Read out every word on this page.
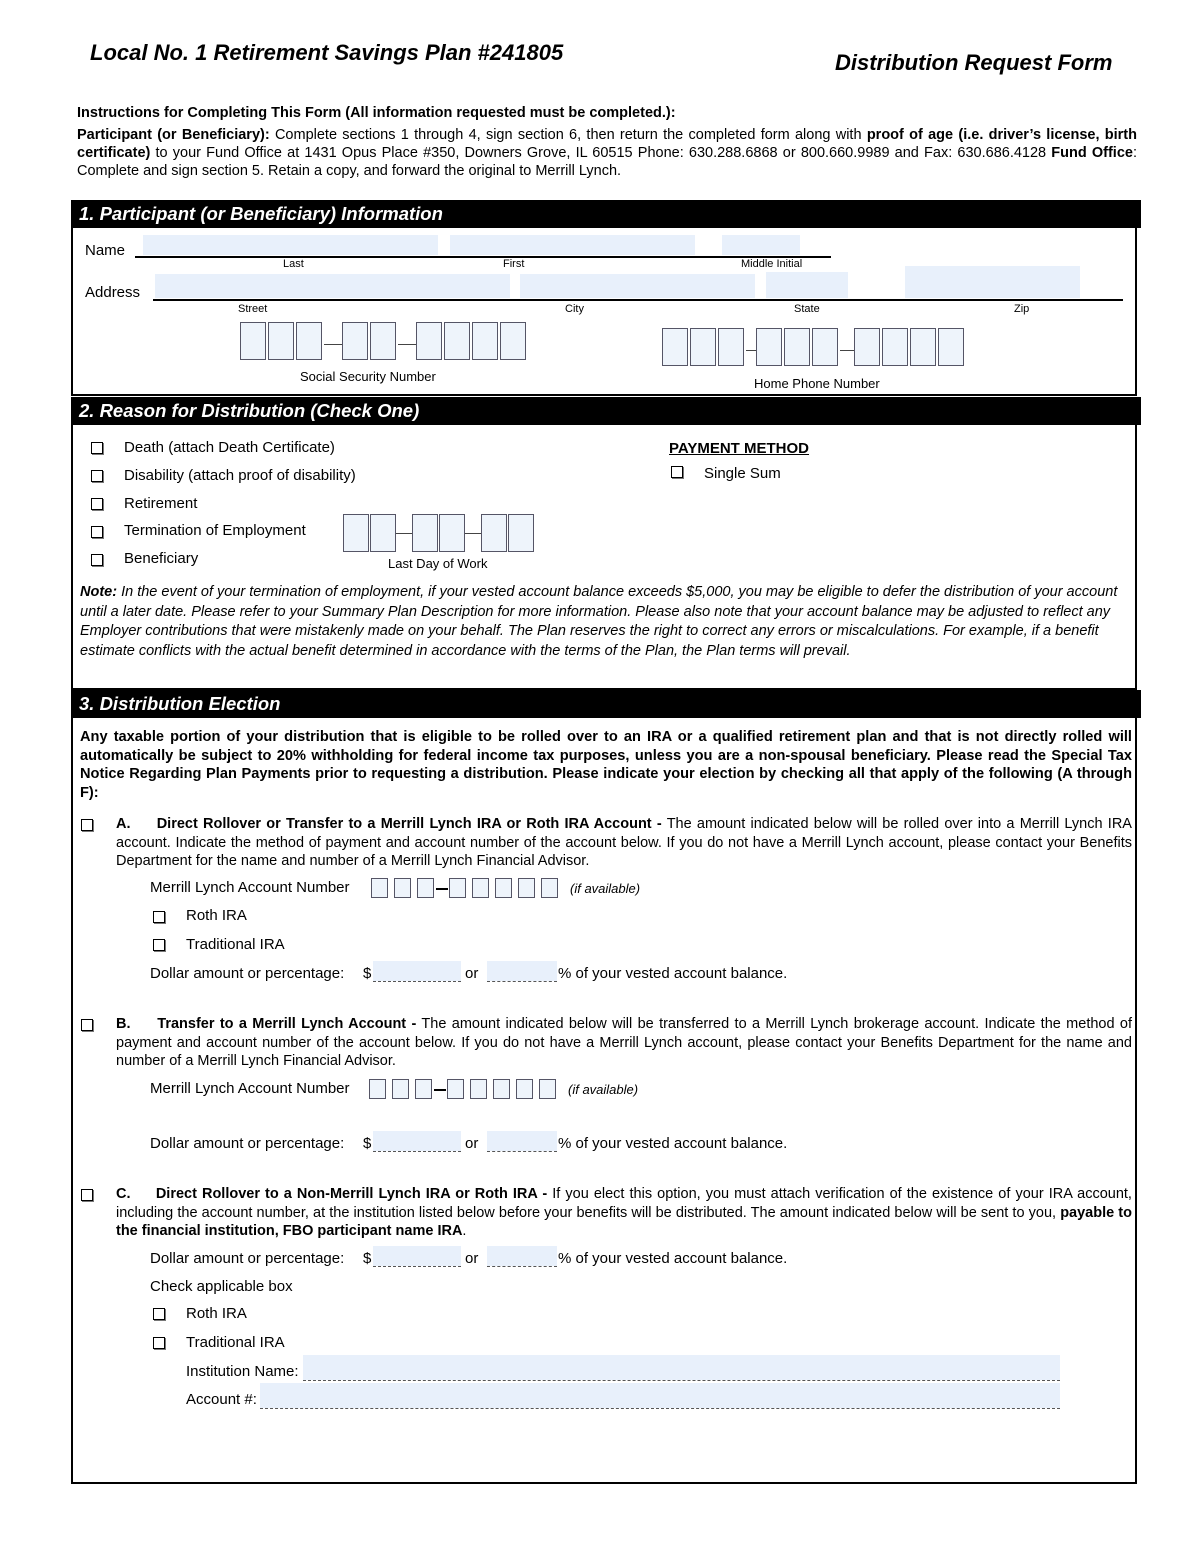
Local No. 1 Retirement Savings Plan #241805	Distribution Request Form
Instructions for Completing This Form (All information requested must be completed.):
Participant (or Beneficiary): Complete sections 1 through 4, sign section 6, then return the completed form along with proof of age (i.e. driver’s license, birth certificate) to your Fund Office at 1431 Opus Place #350, Downers Grove, IL 60515 Phone: 630.288.6868 or 800.660.9989 and Fax: 630.686.4128 Fund Office: Complete and sign section 5. Retain a copy, and forward the original to Merrill Lynch.
1. Participant (or Beneficiary) Information
Name
Last	First	Middle Initial
Address
Street	City	State	Zip
Social Security Number	Home Phone Number
2. Reason for Distribution (Check One)
Death (attach Death Certificate)
Disability (attach proof of disability)
Retirement
Termination of Employment
Beneficiary	Last Day of Work
PAYMENT METHOD
Single Sum
Note: In the event of your termination of employment, if your vested account balance exceeds $5,000, you may be eligible to defer the distribution of your account until a later date. Please refer to your Summary Plan Description for more information. Please also note that your account balance may be adjusted to reflect any Employer contributions that were mistakenly made on your behalf. The Plan reserves the right to correct any errors or miscalculations. For example, if a benefit estimate conflicts with the actual benefit determined in accordance with the terms of the Plan, the Plan terms will prevail.
3. Distribution Election
Any taxable portion of your distribution that is eligible to be rolled over to an IRA or a qualified retirement plan and that is not directly rolled will automatically be subject to 20% withholding for federal income tax purposes, unless you are a non-spousal beneficiary. Please read the Special Tax Notice Regarding Plan Payments prior to requesting a distribution. Please indicate your election by checking all that apply of the following (A through F):
A. Direct Rollover or Transfer to a Merrill Lynch IRA or Roth IRA Account - The amount indicated below will be rolled over into a Merrill Lynch IRA account. Indicate the method of payment and account number of the account below. If you do not have a Merrill Lynch account, please contact your Benefits Department for the name and number of a Merrill Lynch Financial Advisor.
Merrill Lynch Account Number	(if available)
Roth IRA
Traditional IRA
Dollar amount or percentage: $	or	% of your vested account balance.
B. Transfer to a Merrill Lynch Account - The amount indicated below will be transferred to a Merrill Lynch brokerage account. Indicate the method of payment and account number of the account below. If you do not have a Merrill Lynch account, please contact your Benefits Department for the name and number of a Merrill Lynch Financial Advisor.
Merrill Lynch Account Number	(if available)
Dollar amount or percentage: $	or	% of your vested account balance.
C. Direct Rollover to a Non-Merrill Lynch IRA or Roth IRA - If you elect this option, you must attach verification of the existence of your IRA account, including the account number, at the institution listed below before your benefits will be distributed. The amount indicated below will be sent to you, payable to the financial institution, FBO participant name IRA.
Dollar amount or percentage: $	or	% of your vested account balance.
Check applicable box
Roth IRA
Traditional IRA
Institution Name:
Account #:
